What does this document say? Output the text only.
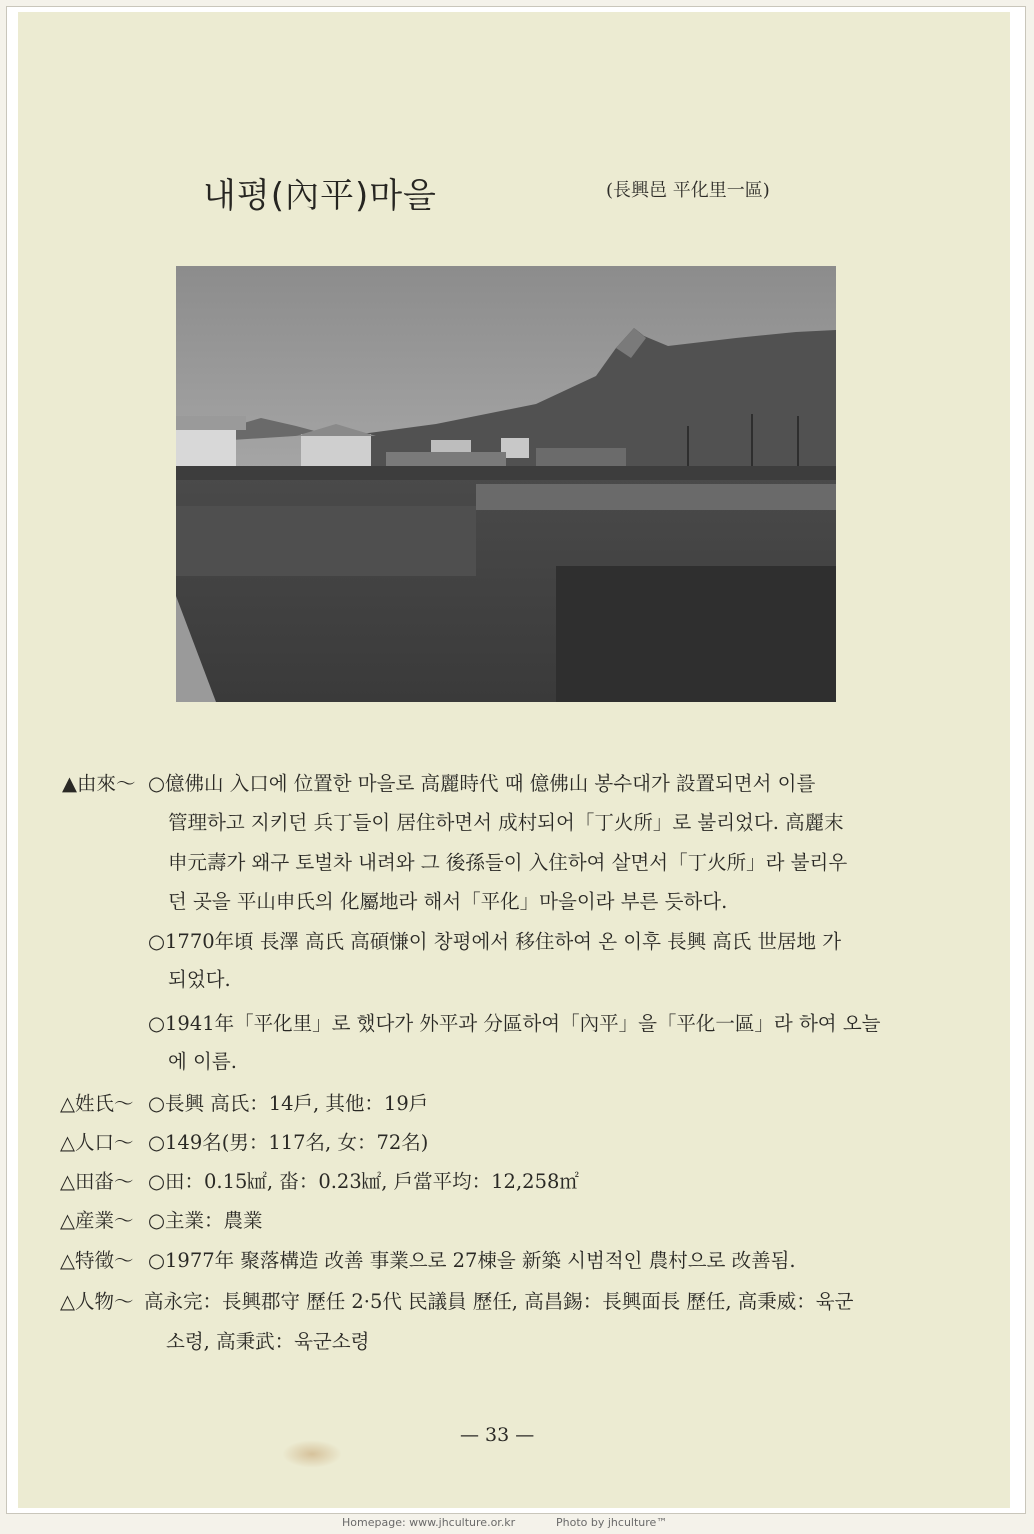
내평(內平)마을	(長興邑 平化里一區)
▲由來～ ○億佛山 入口에 位置한 마을로 高麗時代 때 億佛山 봉수대가 設置되면서 이를
管理하고 지키던 兵丁들이 居住하면서 成村되어「丁火所」로 불리었다. 高麗末
申元壽가 왜구 토벌차 내려와 그 後孫들이 入住하여 살면서「丁火所」라 불리우
던 곳을 平山申氏의 化屬地라 해서「平化」마을이라 부른 듯하다.
○1770年頃 長澤 高氏 高碩慊이 창평에서 移住하여 온 이후 長興 高氏 世居地 가
되었다.
○1941年「平化里」로 했다가 外平과 分區하여「內平」을「平化一區」라 하여 오늘
에 이름.
△姓氏～ ○長興 高氏：14戶, 其他：19戶
△人口～ ○149名(男：117名, 女：72名)
△田畓～ ○田：0.15㎢, 畓：0.23㎢, 戶當平均：12,258㎡
△産業～ ○主業：農業
△特徵～ ○1977年 聚落構造 改善 事業으로 27棟을 新築 시범적인 農村으로 改善됨.
△人物～ 高永完：長興郡守 歷任 2·5代 民議員 歷任, 高昌錫：長興面長 歷任, 高秉威：육군
소령, 高秉武：육군소령
— 33 —
Homepage: www.jhculture.or.kr	Photo by jhculture™
